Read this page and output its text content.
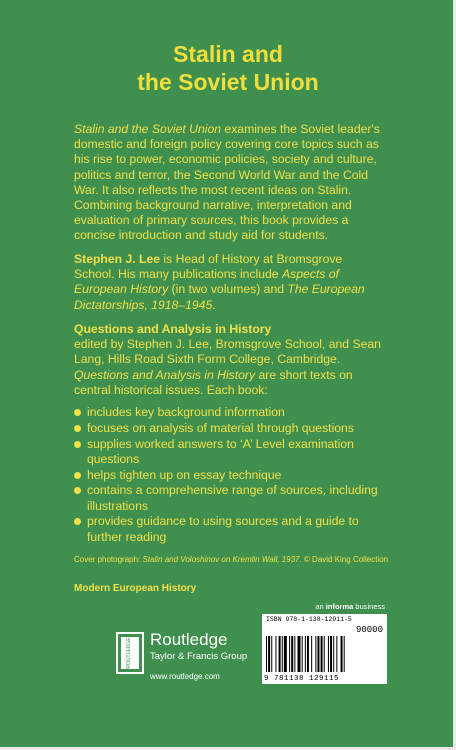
Stalin and
the Soviet Union
Stalin and the Soviet Union examines the Soviet leader's domestic and foreign policy covering core topics such as his rise to power, economic policies, society and culture, politics and terror, the Second World War and the Cold War. It also reflects the most recent ideas on Stalin. Combining background narrative, interpretation and evaluation of primary sources, this book provides a concise introduction and study aid for students.
Stephen J. Lee is Head of History at Bromsgrove School. His many publications include Aspects of European History (in two volumes) and The European Dictatorships, 1918–1945.
Questions and Analysis in History
edited by Stephen J. Lee, Bromsgrove School, and Sean Lang, Hills Road Sixth Form College, Cambridge.
Questions and Analysis in History are short texts on central historical issues. Each book:
includes key background information
focuses on analysis of material through questions
supplies worked answers to ‘A’ Level examination questions
helps tighten up on essay technique
contains a comprehensive range of sources, including illustrations
provides guidance to using sources and a guide to further reading
Cover photograph: Stalin and Voloshinov on Kremlin Wall, 1937. © David King Collection
Modern European History
an informa business
ROUTLEDGE Routledge
Taylor & Francis Group
www.routledge.com
ISBN 978-1-138-12911-5
90000
9 781138 129115
